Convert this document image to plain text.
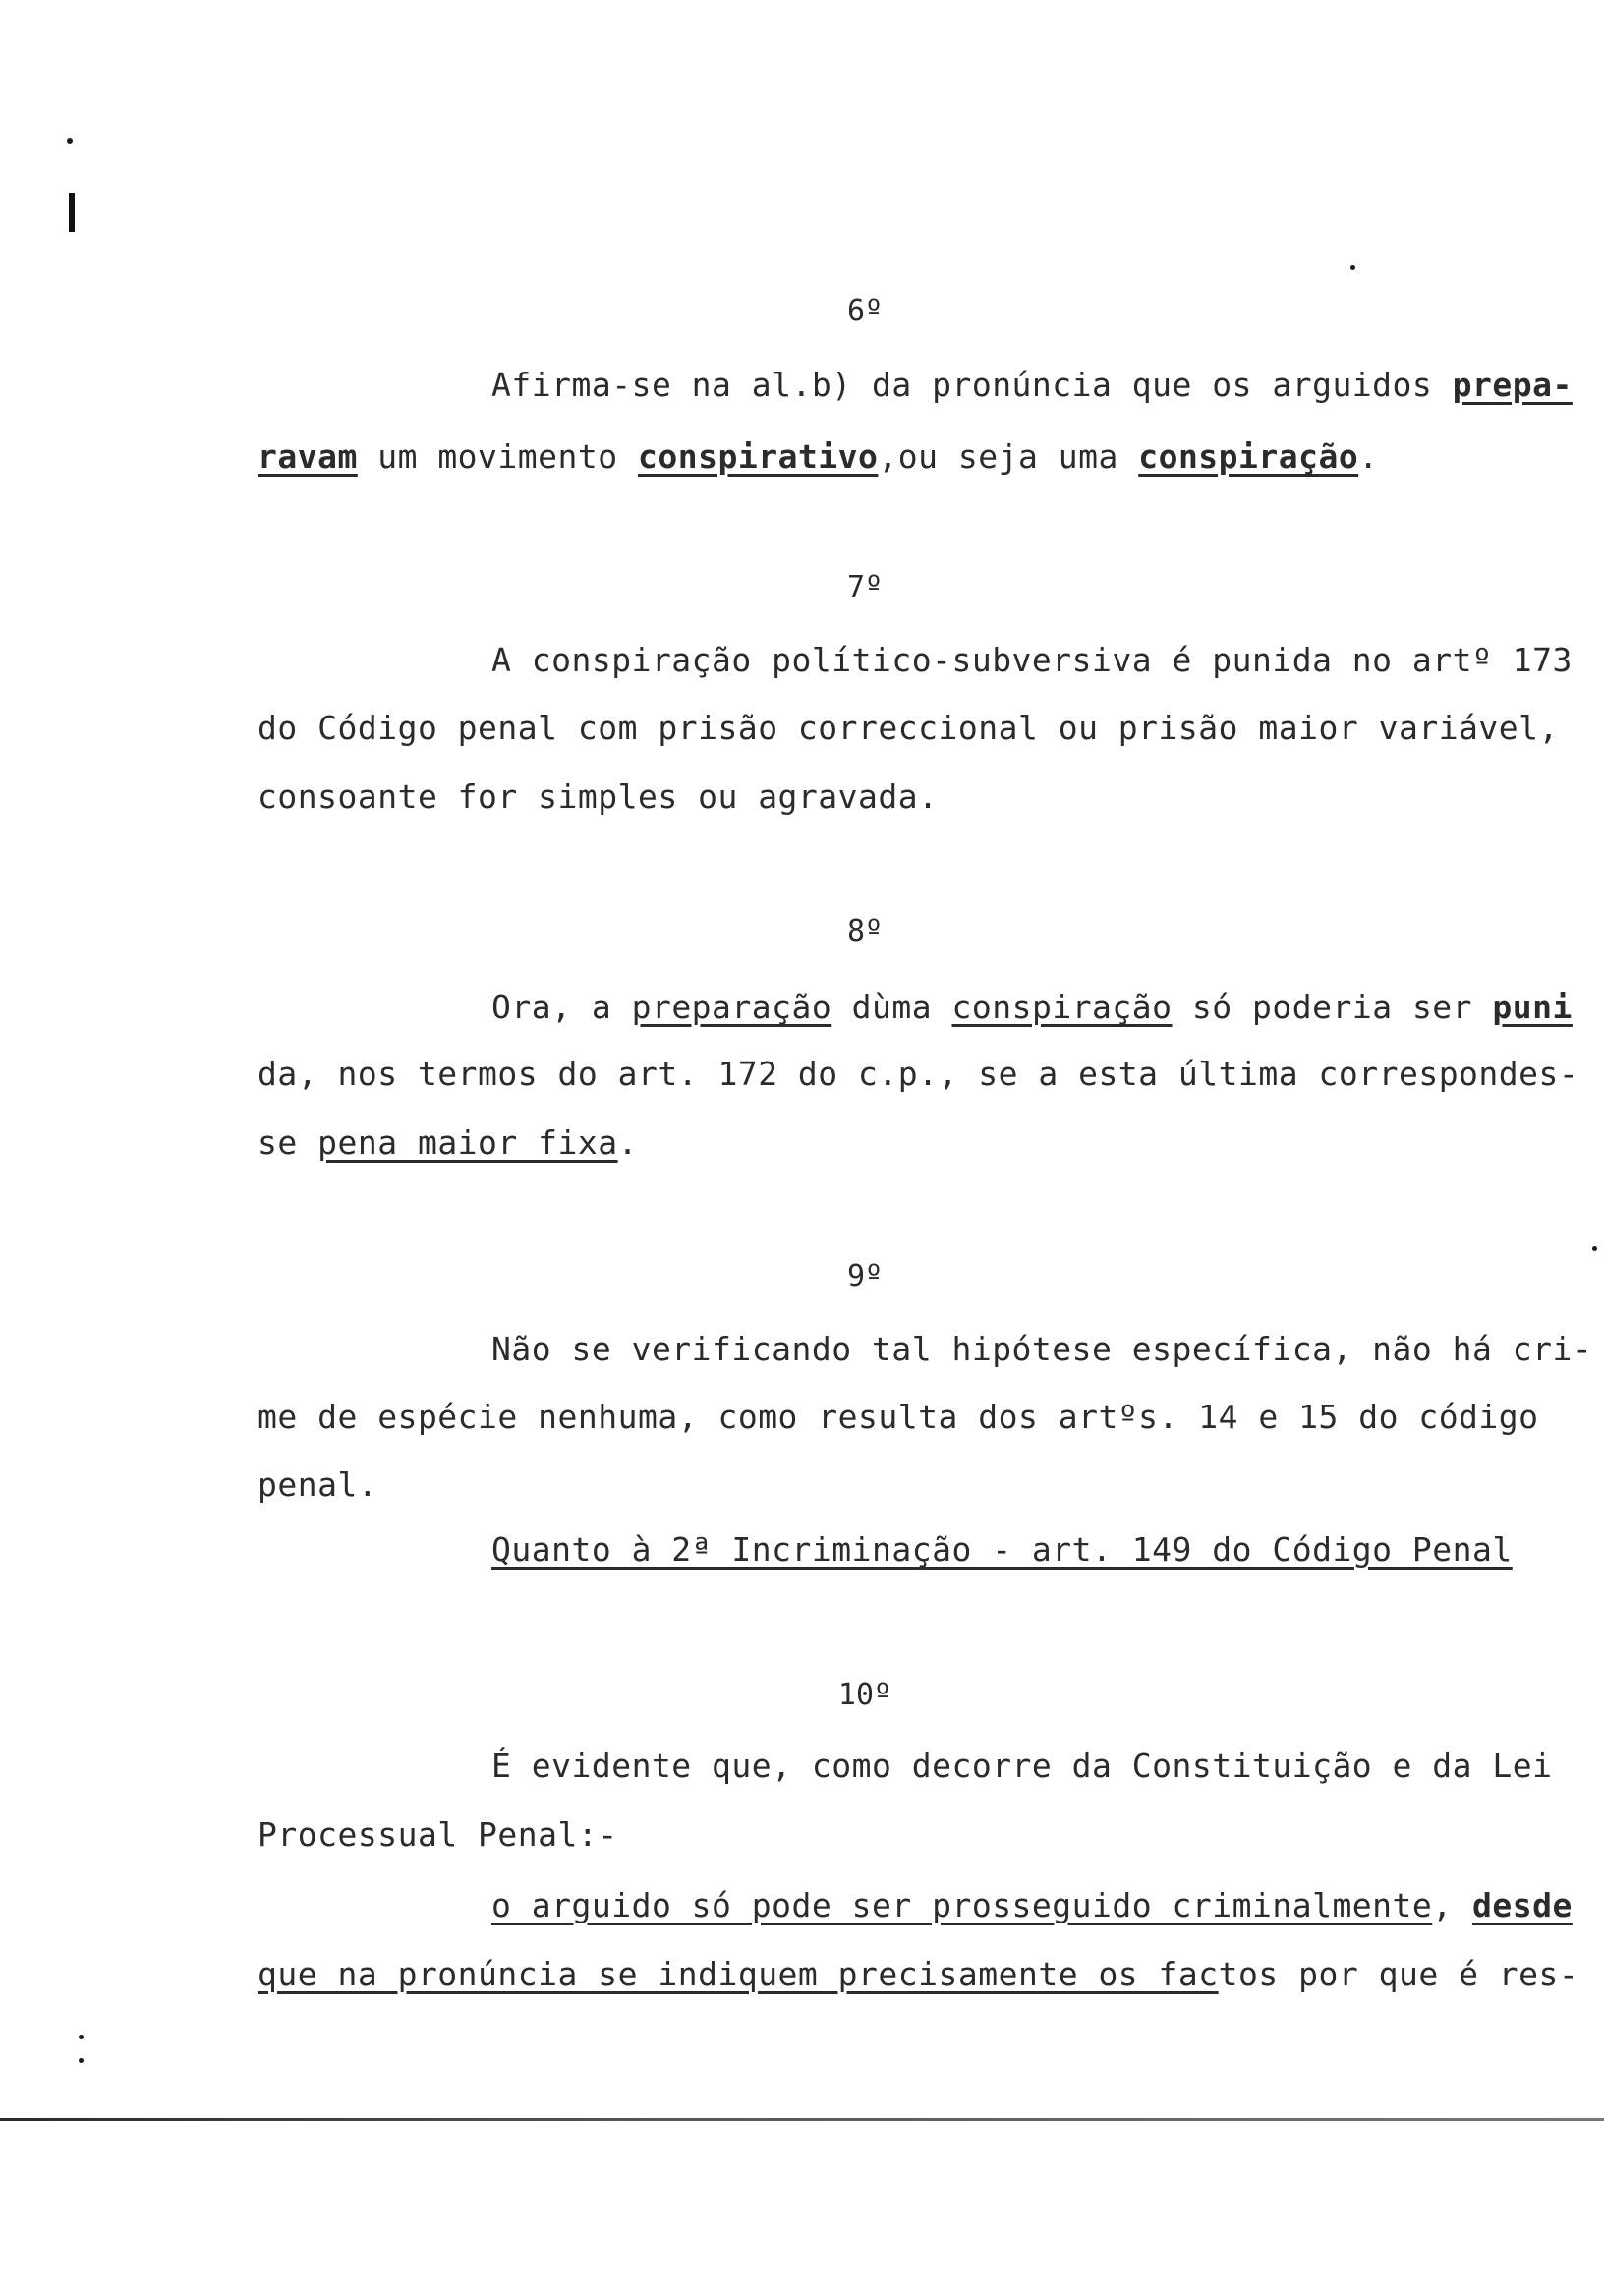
6º
Afirma-se na al.b) da pronúncia que os arguidos prepa-
ravam um movimento conspirativo,ou seja uma conspiração.
7º
A conspiração político-subversiva é punida no artº 173
do Código penal com prisão correccional ou prisão maior variável,
consoante for simples ou agravada.
8º
Ora, a preparação dùma conspiração só poderia ser puni
da, nos termos do art. 172 do c.p., se a esta última correspondes-
se pena maior fixa.
9º
Não se verificando tal hipótese específica, não há cri-
me de espécie nenhuma, como resulta dos artºs. 14 e 15 do código
penal.
Quanto à 2ª Incriminação - art. 149 do Código Penal
10º
É evidente que, como decorre da Constituição e da Lei
Processual Penal:-
o arguido só pode ser prosseguido criminalmente, desde
que na pronúncia se indiquem precisamente os factos por que é res-
